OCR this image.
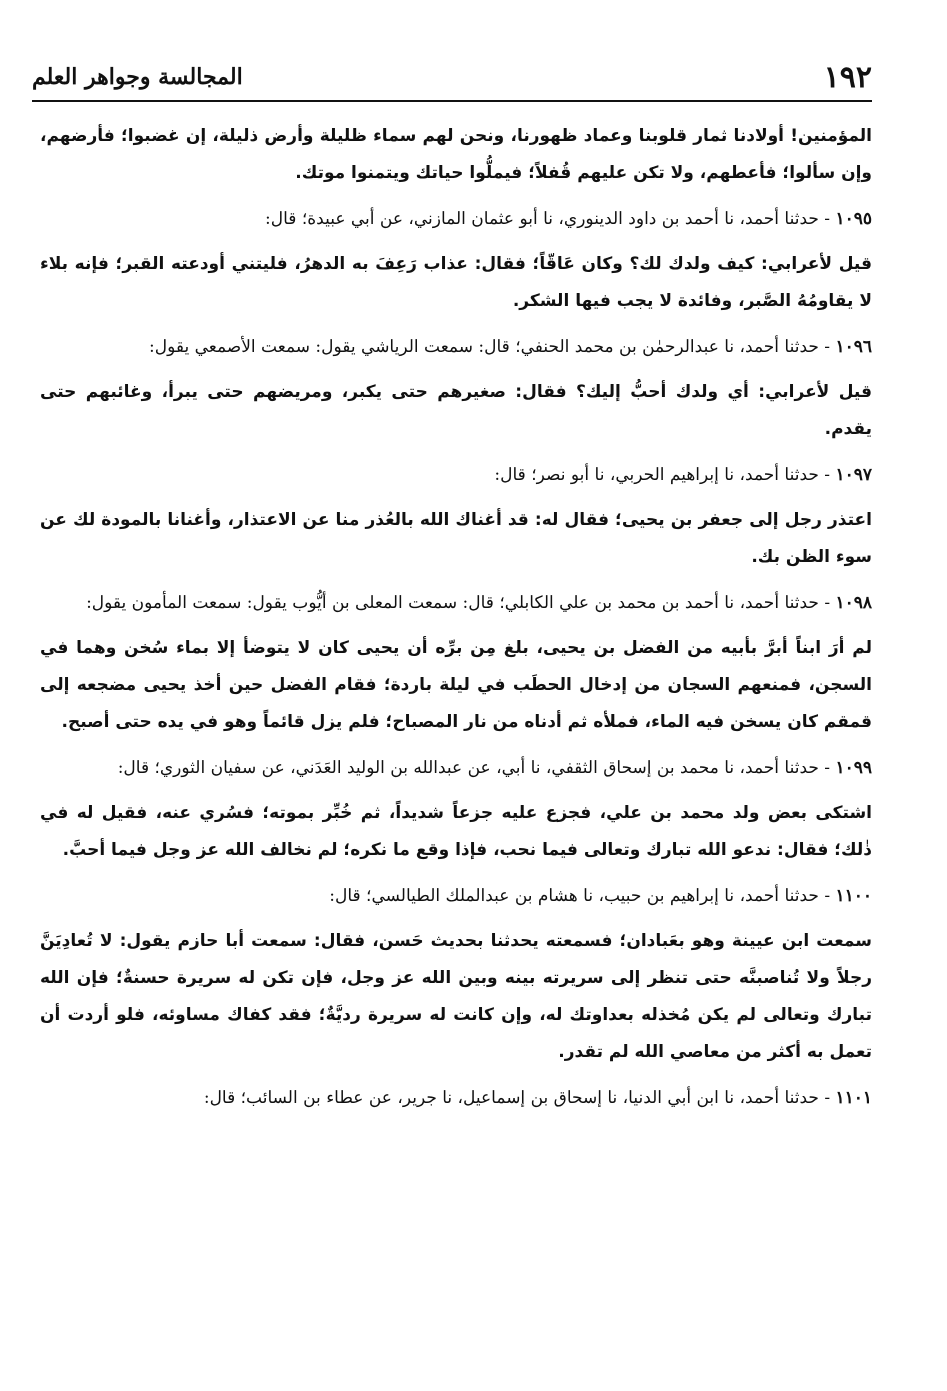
١٩٢
المجالسة وجواهر العلم

المؤمنين! أولادنا ثمار قلوبنا وعماد ظهورنا، ونحن لهم سماء ظليلة وأرض ذليلة، إن غضبوا؛ فأرضهم، وإن سألوا؛ فأعطهم، ولا تكن عليهم قُفلاً؛ فيملُّوا حياتك ويتمنوا موتك.

١٠٩٥ - حدثنا أحمد، نا أحمد بن داود الدينوري، نا أبو عثمان المازني، عن أبي عبيدة؛ قال:

قيل لأعرابي: كيف ولدك لك؟ وكان عَاقّاً؛ فقال: عذاب رَعِفَ به الدهرُ، فليتني أودعته القبر؛ فإنه بلاء لا يقاومُهُ الصَّبر، وفائدة لا يجب فيها الشكر.

١٠٩٦ - حدثنا أحمد، نا عبدالرحمٰن بن محمد الحنفي؛ قال: سمعت الرياشي يقول: سمعت الأصمعي يقول:

قيل لأعرابي: أي ولدك أحبُّ إليك؟ فقال: صغيرهم حتى يكبر، ومريضهم حتى يبرأ، وغائبهم حتى يقدم.

١٠٩٧ - حدثنا أحمد، نا إبراهيم الحربي، نا أبو نصر؛ قال:

اعتذر رجل إلى جعفر بن يحيى؛ فقال له: قد أغناك الله بالعُذر منا عن الاعتذار، وأغنانا بالمودة لك عن سوء الظن بك.

١٠٩٨ - حدثنا أحمد، نا أحمد بن محمد بن علي الكابلي؛ قال: سمعت المعلى بن أيُّوب يقول: سمعت المأمون يقول:

لم أرَ ابناً أبرَّ بأبيه من الفضل بن يحيى، بلغ مِن برِّه أن يحيى كان لا يتوضأ إلا بماء سُخن وهما في السجن، فمنعهم السجان من إدخال الحطَب في ليلة باردة؛ فقام الفضل حين أخذ يحيى مضجعه إلى قمقم كان يسخن فيه الماء، فملأه ثم أدناه من نار المصباح؛ فلم يزل قائماً وهو في يده حتى أصبح.

١٠٩٩ - حدثنا أحمد، نا محمد بن إسحاق الثقفي، نا أبي، عن عبدالله بن الوليد العَدَني، عن سفيان الثوري؛ قال:

اشتكى بعض ولد محمد بن علي، فجزع عليه جزعاً شديداً، ثم خُبِّر بموته؛ فسُري عنه، فقيل له في ذٰلك؛ فقال: ندعو الله تبارك وتعالى فيما نحب، فإذا وقع ما نكره؛ لم نخالف الله عز وجل فيما أحبَّ.

١١٠٠ - حدثنا أحمد، نا إبراهيم بن حبيب، نا هشام بن عبدالملك الطيالسي؛ قال:

سمعت ابن عيينة وهو بعَبادان؛ فسمعته يحدثنا بحديث حَسن، فقال: سمعت أبا حازم يقول: لا تُعادِيَنَّ رجلاً ولا تُناصبنَّه حتى تنظر إلى سريرته بينه وبين الله عز وجل، فإن تكن له سريرة حسنةٌ؛ فإن الله تبارك وتعالى لم يكن مُخذله بعداوتك له، وإن كانت له سريرة رديَّةٌ؛ فقد كفاك مساوئه، فلو أردت أن تعمل به أكثر من معاصي الله لم تقدر.

١١٠١ - حدثنا أحمد، نا ابن أبي الدنيا، نا إسحاق بن إسماعيل، نا جرير، عن عطاء بن السائب؛ قال:
